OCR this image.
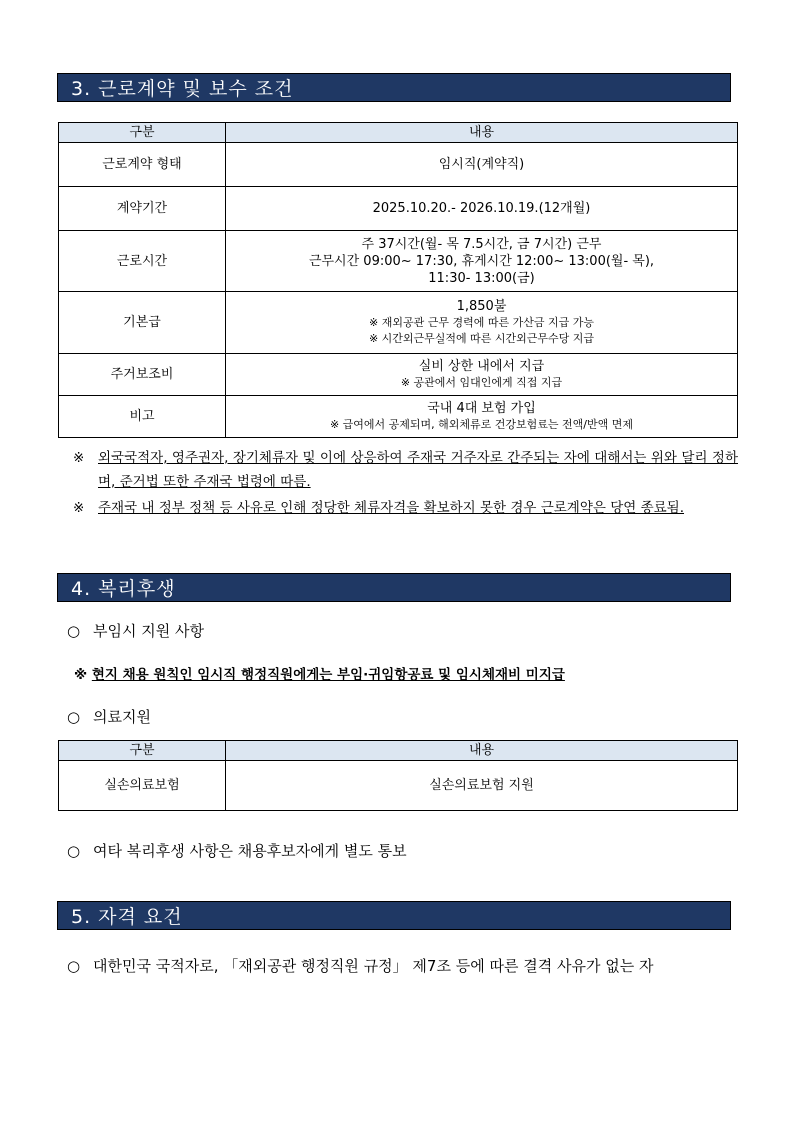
3. 근로계약 및 보수 조건
구분	내용
근로계약 형태	임시직(계약직)

계약기간	2025.10.20.- 2026.10.19.(12개월)

근로시간	주 37시간(월- 목 7.5시간, 금 7시간) 근무
근무시간 09:00~ 17:30, 휴게시간 12:00~ 13:00(월- 목),
11:30- 13:00(금)

기본급	1,850불
※ 재외공관 근무 경력에 따른 가산금 지급 가능
※ 시간외근무실적에 따른 시간외근무수당 지급

주거보조비	실비 상한 내에서 지급
※ 공관에서 임대인에게 직접 지급

비고	국내 4대 보험 가입
※ 급여에서 공제되며, 해외체류로 건강보험료는 전액/반액 면제
※	외국국적자, 영주권자, 장기체류자 및 이에 상응하여 주재국 거주자로 간주되는 자에 대해서는 위와 달리 정하며, 준거법 또한 주재국 법령에 따름.
※	주재국 내 정부 정책 등 사유로 인해 정당한 체류자격을 확보하지 못한 경우 근로계약은 당연 종료됨.
4. 복리후생
○ 부임시 지원 사항
※ 현지 채용 원칙인 임시직 행정직원에게는 부임·귀임항공료 및 임시체재비 미지급
○ 의료지원
구분	내용
실손의료보험	실손의료보험 지원
○ 여타 복리후생 사항은 채용후보자에게 별도 통보
5. 자격 요건
○ 대한민국 국적자로, 「재외공관 행정직원 규정」 제7조 등에 따른 결격 사유가 없는 자
